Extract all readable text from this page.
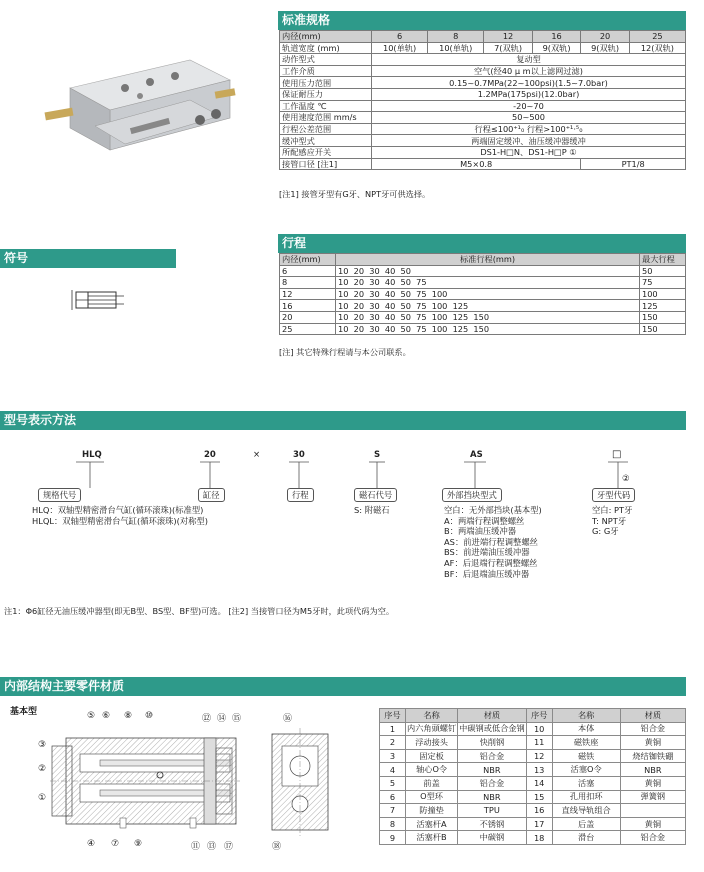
标准规格
内径(mm)	6	8	12	16	20	25
轨道宽度 (mm)	10(单轨)	10(单轨)	7(双轨)	9(双轨)	9(双轨)	12(双轨)
动作型式	复动型					
工作介质	空气(经40 μ m以上滤网过滤)					
使用压力范围	0.15~0.7MPa(22~100psi)(1.5~7.0bar)					
保证耐压力	1.2MPa(175psi)(12.0bar)					
工作温度 ℃	-20~70					
使用速度范围 mm/s	50~500					
行程公差范围	行程≤100⁺¹₀ 行程>100⁺¹·⁵₀					
缓冲型式	两端固定缓冲、油压缓冲器缓冲					
所配感应开关	DS1-H□N、DS1-H□P ①					
接管口径 [注1]	M5×0.8				PT1/8	
[注1] 接管牙型有G牙、NPT牙可供选择。
符号
行程
内径(mm)	标准行程(mm)	最大行程
6	10  20  30  40  50	50
8	10  20  30  40  50  75	75
12	10  20  30  40  50  75  100	100
16	10  20  30  40  50  75  100  125	125
20	10  20  30  40  50  75  100  125  150	150
25	10  20  30  40  50  75  100  125  150	150
[注] 其它特殊行程请与本公司联系。
型号表示方法
HLQ	20	×	30	S	AS	□
②
规格代号	缸径	行程	磁石代号	外部挡块型式	牙型代码
HLQ：双轴型精密滑台气缸(循环滚珠)(标准型)
HLQL：双轴型精密滑台气缸(循环滚珠)(对称型)
S: 附磁石	空白：无外部挡块(基本型)
A：两端行程调整螺丝
B：两端油压缓冲器
AS：前进端行程调整螺丝
BS：前进端油压缓冲器
AF：后退端行程调整螺丝
BF：后退端油压缓冲器
空白: PT牙
T: NPT牙
G: G牙
注1：Φ6缸径无油压缓冲器型(即无B型、BS型、BF型)可选。 [注2] 当接管口径为M5牙时，此项代码为空。
内部结构主要零件材质
基本型	⑤ ⑥ ⑧ ⑩	⑫ ⑭ ⑮	⑯
③
②
①
④ ⑦ ⑨	⑪ ⑬ ⑰	⑱
序号	名称	材质	序号	名称	材质
1	内六角頭螺钉	中碳钢或低合金钢	10	本体	铝合金
2	浮动接头	快削钢	11	磁铁座	黄铜
3	固定板	铝合金	12	磁铁	烧结铷铁硼
4	轴心O令	NBR	13	活塞O令	NBR
5	前盖	铝合金	14	活塞	黄铜
6	O型环	NBR	15	孔用扣环	弹簧钢
7	防撞垫	TPU	16	直线导轨组合	
8	活塞杆A	不锈钢	17	后盖	黄铜
9	活塞杆B	中碳钢	18	滑台	铝合金
